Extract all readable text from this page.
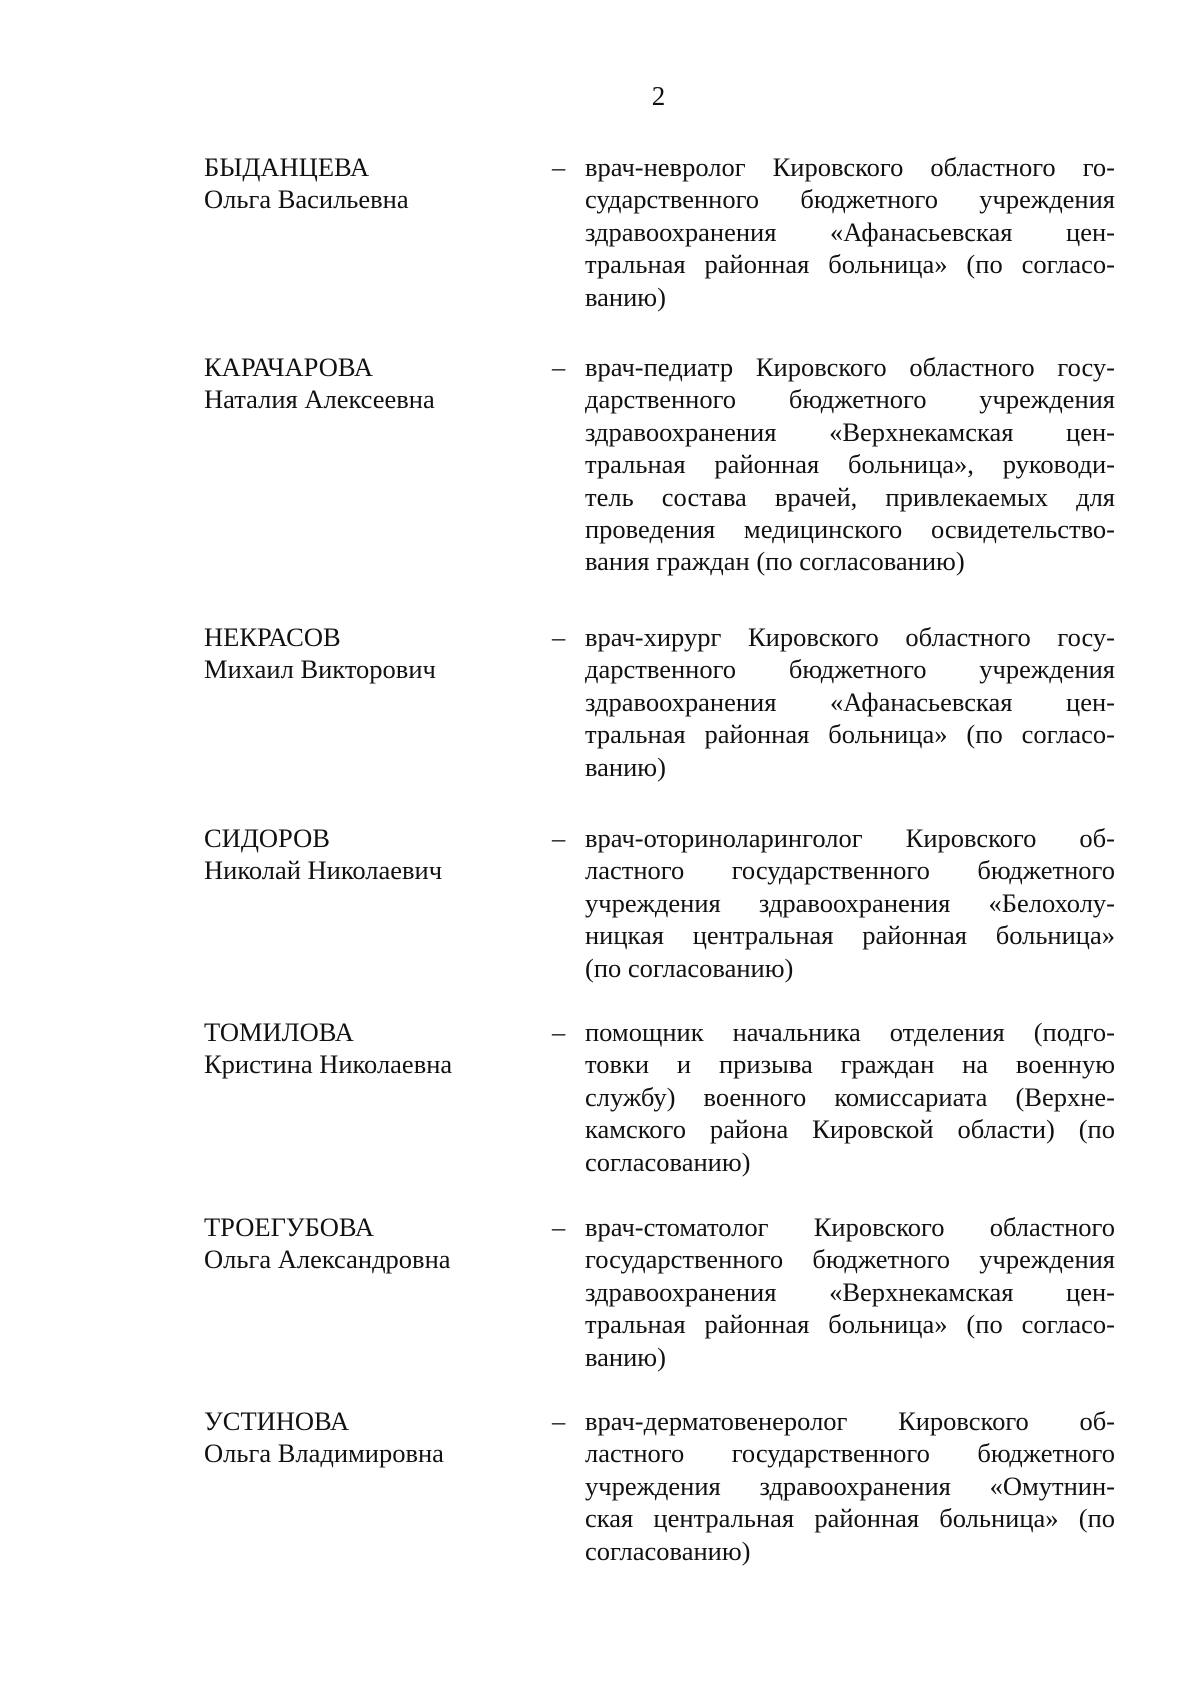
2
БЫДАНЦЕВА
Ольга Васильевна
– врач-невролог Кировского областного го-
сударственного бюджетного учреждения
здравоохранения «Афанасьевская цен-
тральная районная больница» (по согласо-
ванию)
КАРАЧАРОВА
Наталия Алексеевна
– врач-педиатр Кировского областного госу-
дарственного бюджетного учреждения
здравоохранения «Верхнекамская цен-
тральная районная больница», руководи-
тель состава врачей, привлекаемых для
проведения медицинского освидетельство-
вания граждан (по согласованию)
НЕКРАСОВ
Михаил Викторович
– врач-хирург Кировского областного госу-
дарственного бюджетного учреждения
здравоохранения «Афанасьевская цен-
тральная районная больница» (по согласо-
ванию)
СИДОРОВ
Николай Николаевич
– врач-оториноларинголог Кировского об-
ластного государственного бюджетного
учреждения здравоохранения «Белохолу-
ницкая центральная районная больница»
(по согласованию)
ТОМИЛОВА
Кристина Николаевна
– помощник начальника отделения (подго-
товки и призыва граждан на военную
службу) военного комиссариата (Верхне-
камского района Кировской области) (по
согласованию)
ТРОЕГУБОВА
Ольга Александровна
– врач-стоматолог Кировского областного
государственного бюджетного учреждения
здравоохранения «Верхнекамская цен-
тральная районная больница» (по согласо-
ванию)
УСТИНОВА
Ольга Владимировна
– врач-дерматовенеролог Кировского об-
ластного государственного бюджетного
учреждения здравоохранения «Омутнин-
ская центральная районная больница» (по
согласованию)
